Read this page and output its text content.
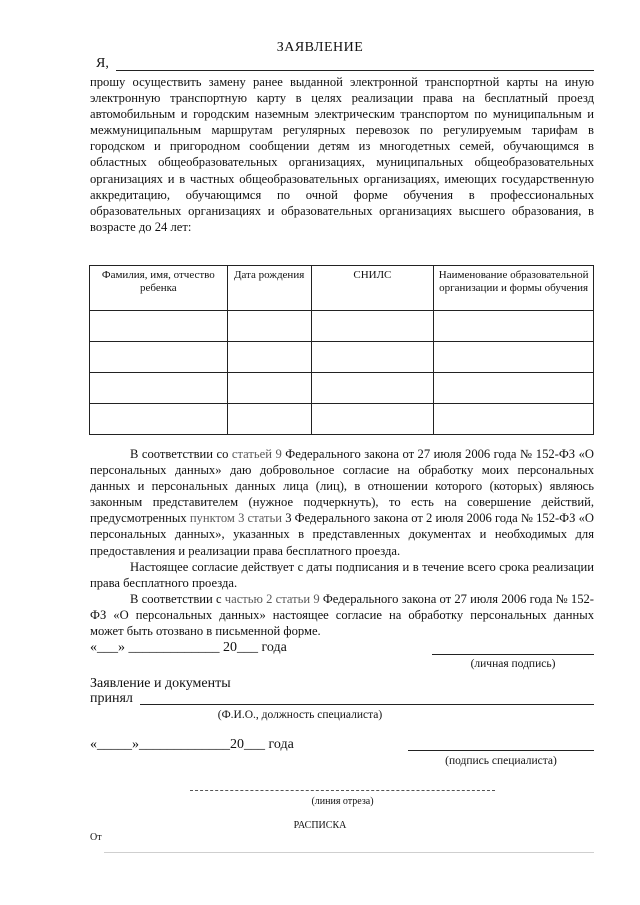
ЗАЯВЛЕНИЕ
Я,

прошу осуществить замену ранее выданной электронной транспортной карты на иную электронную транспортную карту в целях реализации права на бесплатный проезд автомобильным и городским наземным электрическим транспортом по муниципальным и межмуниципальным маршрутам регулярных перевозок по регулируемым тарифам в городском и пригородном сообщении детям из многодетных семей, обучающимся в областных общеобразовательных организациях, муниципальных общеобразовательных организациях и в частных общеобразовательных организациях, имеющих государственную аккредитацию, обучающимся по очной форме обучения в профессиональных образовательных организациях и образовательных организациях высшего образования, в возрасте до 24 лет:

Фамилия, имя, отчество ребенка	Дата рождения	СНИЛС	Наименование образовательной организации и формы обучения

В соответствии со статьей 9 Федерального закона от 27 июля 2006 года № 152-ФЗ «О персональных данных» даю добровольное согласие на обработку моих персональных данных и персональных данных лица (лиц), в отношении которого (которых) являюсь законным представителем (нужное подчеркнуть), то есть на совершение действий, предусмотренных пунктом 3 статьи 3 Федерального закона от 2 июля 2006 года № 152-ФЗ «О персональных данных», указанных в представленных документах и необходимых для предоставления и реализации права бесплатного проезда.
Настоящее согласие действует с даты подписания и в течение всего срока реализации права бесплатного проезда.
В соответствии с частью 2 статьи 9 Федерального закона от 27 июля 2006 года № 152-ФЗ «О персональных данных» настоящее согласие на обработку персональных данных может быть отозвано в письменной форме.
«___» _____________ 20___ года
(личная подпись)
Заявление и документы
принял
(Ф.И.О., должность специалиста)
«_____»_____________20___ года
(подпись специалиста)
(линия отреза)
РАСПИСКА
От
